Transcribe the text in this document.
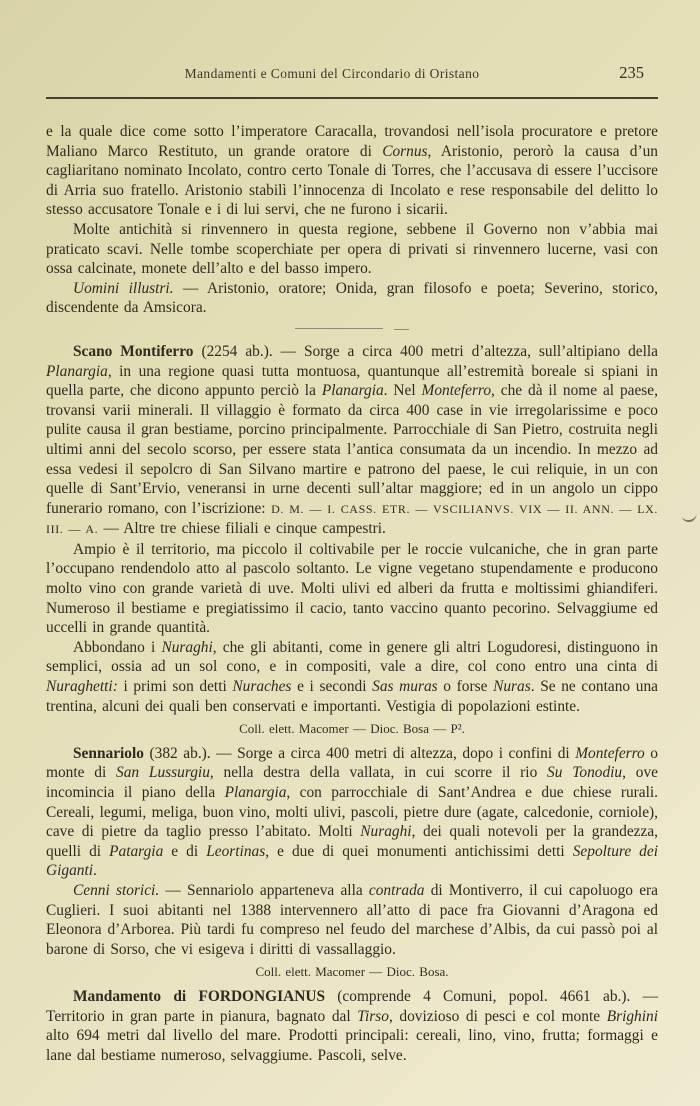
Mandamenti e Comuni del Circondario di Oristano	235

e la quale dice come sotto l’imperatore Caracalla, trovandosi nell’isola procuratore e pretore Maliano Marco Restituto, un grande oratore di Cornus, Aristonio, perorò la causa d’un cagliaritano nominato Incolato, contro certo Tonale di Torres, che l’accusava di essere l’uccisore di Arria suo fratello. Aristonio stabilì l’innocenza di Incolato e rese responsabile del delitto lo stesso accusatore Tonale e i di lui servi, che ne furono i sicarii.

Molte antichità si rinvennero in questa regione, sebbene il Governo non v’abbia mai praticato scavi. Nelle tombe scoperchiate per opera di privati si rinvennero lucerne, vasi con ossa calcinate, monete dell’alto e del basso impero.

Uomini illustri. — Aristonio, oratore; Onida, gran filosofo e poeta; Severino, storico, discendente da Amsicora.

Scano Montiferro (2254 ab.). — Sorge a circa 400 metri d’altezza, sull’altipiano della Planargia, in una regione quasi tutta montuosa, quantunque all’estremità boreale si spiani in quella parte, che dicono appunto perciò la Planargia. Nel Monteferro, che dà il nome al paese, trovansi varii minerali. Il villaggio è formato da circa 400 case in vie irregolarissime e poco pulite causa il gran bestiame, porcino principalmente. Parrocchiale di San Pietro, costruita negli ultimi anni del secolo scorso, per essere stata l’antica consumata da un incendio. In mezzo ad essa vedesi il sepolcro di San Silvano martire e patrono del paese, le cui reliquie, in un con quelle di Sant’Ervio, veneransi in urne decenti sull’altar maggiore; ed in un angolo un cippo funerario romano, con l’iscrizione: D. M. — I. CASS. ETR. — VSCILIANVS. VIX — II. ANN. — LX. III. — A. — Altre tre chiese filiali e cinque campestri.

Ampio è il territorio, ma piccolo il coltivabile per le roccie vulcaniche, che in gran parte l’occupano rendendolo atto al pascolo soltanto. Le vigne vegetano stupendamente e producono molto vino con grande varietà di uve. Molti ulivi ed alberi da frutta e moltissimi ghiandiferi. Numeroso il bestiame e pregiatissimo il cacio, tanto vaccino quanto pecorino. Selvaggiume ed uccelli in grande quantità.

Abbondano i Nuraghi, che gli abitanti, come in genere gli altri Logudoresi, distinguono in semplici, ossia ad un sol cono, e in compositi, vale a dire, col cono entro una cinta di Nuraghetti: i primi son detti Nuraches e i secondi Sas muras o forse Nuras. Se ne contano una trentina, alcuni dei quali ben conservati e importanti. Vestigia di popolazioni estinte.

Coll. elett. Macomer — Dioc. Bosa — P².

Sennariolo (382 ab.). — Sorge a circa 400 metri di altezza, dopo i confini di Monteferro o monte di San Lussurgiu, nella destra della vallata, in cui scorre il rio Su Tonodiu, ove incomincia il piano della Planargia, con parrocchiale di Sant’Andrea e due chiese rurali. Cereali, legumi, meliga, buon vino, molti ulivi, pascoli, pietre dure (agate, calcedonie, corniole), cave di pietre da taglio presso l’abitato. Molti Nuraghi, dei quali notevoli per la grandezza, quelli di Patargia e di Leortinas, e due di quei monumenti antichissimi detti Sepolture dei Giganti.

Cenni storici. — Sennariolo apparteneva alla contrada di Montiverro, il cui capoluogo era Cuglieri. I suoi abitanti nel 1388 intervennero all’atto di pace fra Giovanni d’Aragona ed Eleonora d’Arborea. Più tardi fu compreso nel feudo del marchese d’Albis, da cui passò poi al barone di Sorso, che vi esigeva i diritti di vassallaggio.

Coll. elett. Macomer — Dioc. Bosa.

Mandamento di FORDONGIANUS (comprende 4 Comuni, popol. 4661 ab.). — Territorio in gran parte in pianura, bagnato dal Tirso, dovizioso di pesci e col monte Brighini alto 694 metri dal livello del mare. Prodotti principali: cereali, lino, vino, frutta; formaggi e lane dal bestiame numeroso, selvaggiume. Pascoli, selve.
